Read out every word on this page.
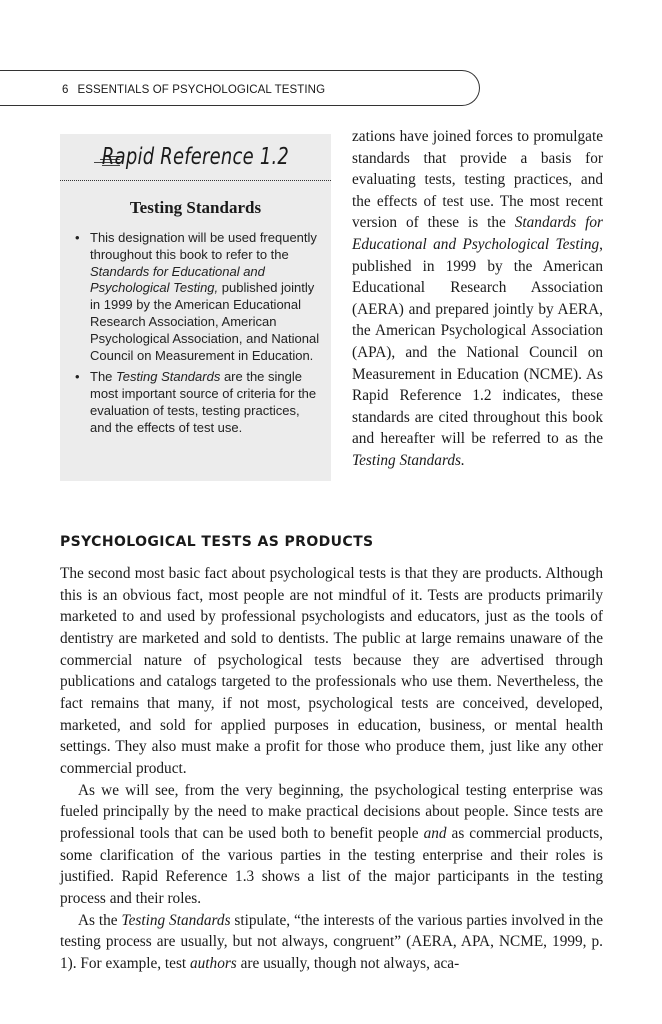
6 ESSENTIALS OF PSYCHOLOGICAL TESTING
Rapid Reference 1.2
Testing Standards
• This designation will be used frequently throughout this book to refer to the Standards for Educational and Psychological Testing, published jointly in 1999 by the American Educational Research Association, American Psychological Association, and National Council on Measurement in Education.
• The Testing Standards are the single most important source of criteria for the evaluation of tests, testing practices, and the effects of test use.
zations have joined forces to promulgate standards that provide a basis for evaluating tests, testing practices, and the effects of test use. The most recent version of these is the Standards for Educational and Psychological Testing, published in 1999 by the American Educational Research Association (AERA) and prepared jointly by AERA, the American Psychological Association (APA), and the National Council on Measurement in Education (NCME). As Rapid Reference 1.2 indicates, these standards are cited throughout this book and hereafter will be referred to as the Testing Standards.
PSYCHOLOGICAL TESTS AS PRODUCTS

The second most basic fact about psychological tests is that they are products. Although this is an obvious fact, most people are not mindful of it. Tests are products primarily marketed to and used by professional psychologists and educators, just as the tools of dentistry are marketed and sold to dentists. The public at large remains unaware of the commercial nature of psychological tests because they are advertised through publications and catalogs targeted to the professionals who use them. Nevertheless, the fact remains that many, if not most, psychological tests are conceived, developed, marketed, and sold for applied purposes in education, business, or mental health settings. They also must make a profit for those who produce them, just like any other commercial product.

As we will see, from the very beginning, the psychological testing enterprise was fueled principally by the need to make practical decisions about people. Since tests are professional tools that can be used both to benefit people and as commercial products, some clarification of the various parties in the testing enterprise and their roles is justified. Rapid Reference 1.3 shows a list of the major participants in the testing process and their roles.

As the Testing Standards stipulate, “the interests of the various parties involved in the testing process are usually, but not always, congruent” (AERA, APA, NCME, 1999, p. 1). For example, test authors are usually, though not always, aca-
